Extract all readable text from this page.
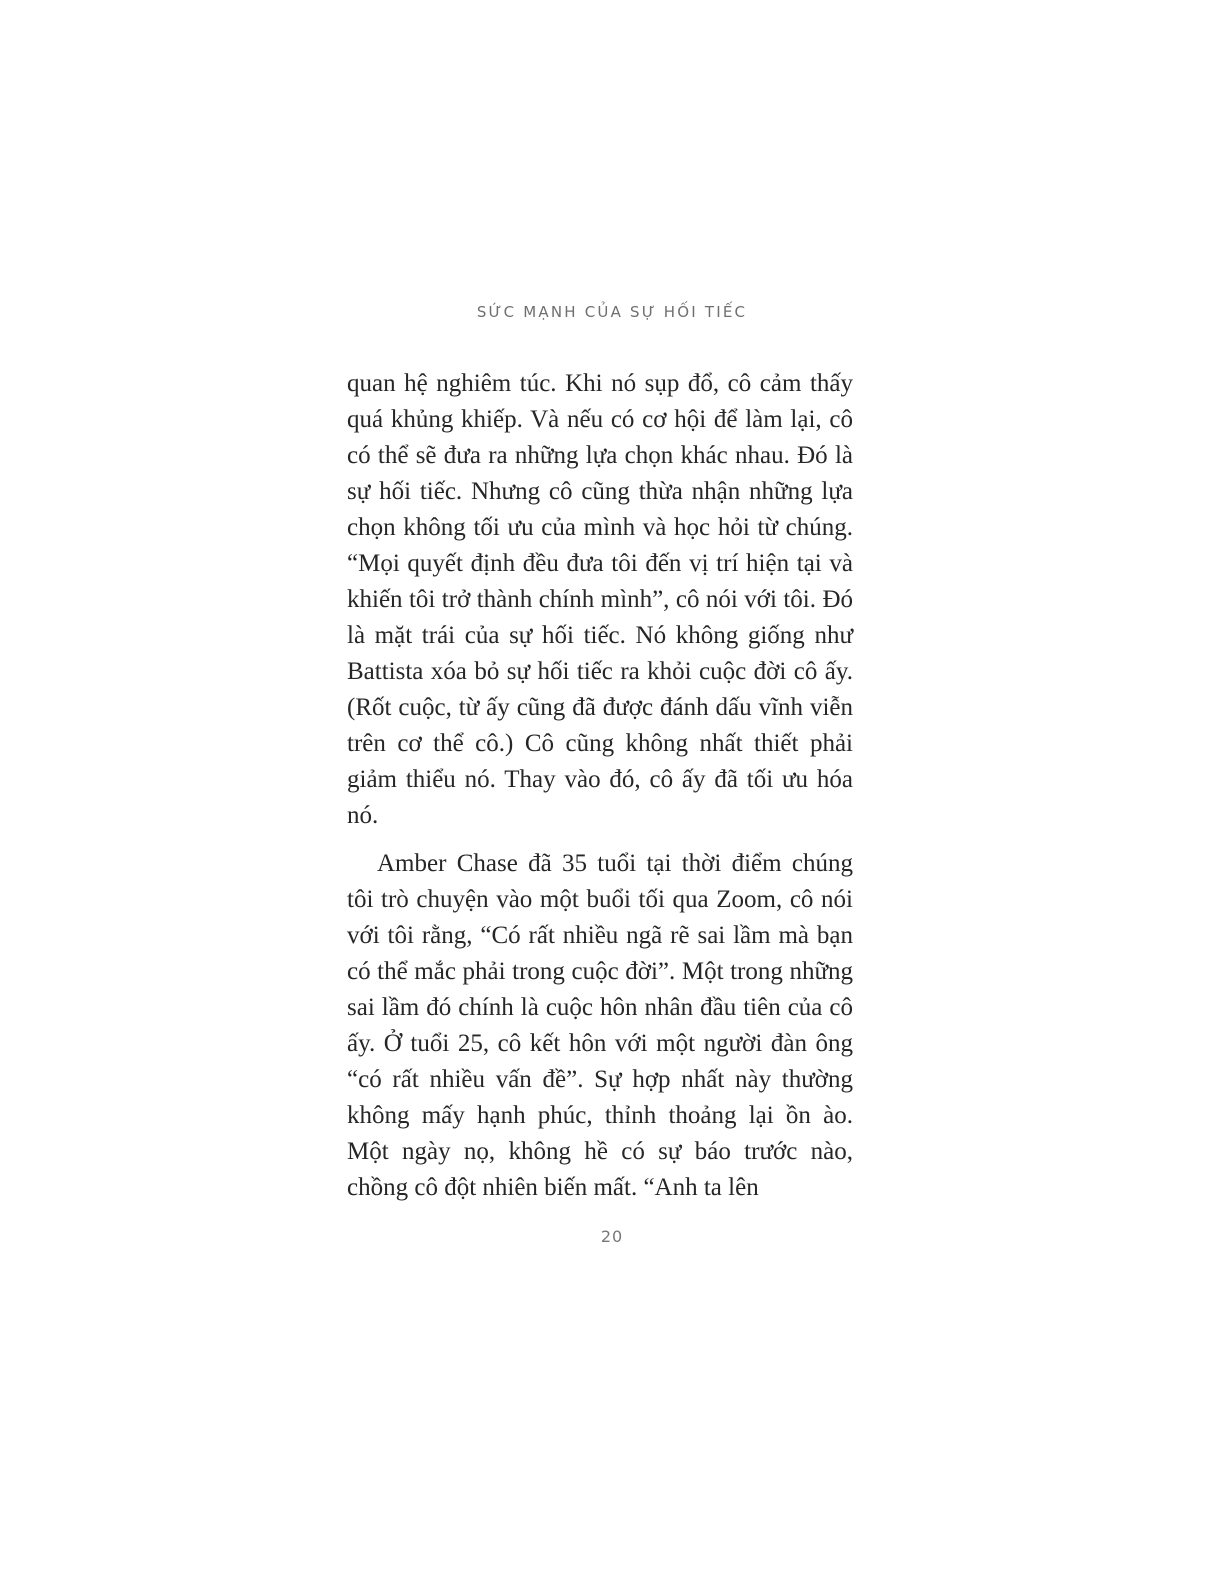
SỨC MẠNH CỦA SỰ HỐI TIẾC

quan hệ nghiêm túc. Khi nó sụp đổ, cô cảm thấy quá khủng khiếp. Và nếu có cơ hội để làm lại, cô có thể sẽ đưa ra những lựa chọn khác nhau. Đó là sự hối tiếc. Nhưng cô cũng thừa nhận những lựa chọn không tối ưu của mình và học hỏi từ chúng. “Mọi quyết định đều đưa tôi đến vị trí hiện tại và khiến tôi trở thành chính mình”, cô nói với tôi. Đó là mặt trái của sự hối tiếc. Nó không giống như Battista xóa bỏ sự hối tiếc ra khỏi cuộc đời cô ấy. (Rốt cuộc, từ ấy cũng đã được đánh dấu vĩnh viễn trên cơ thể cô.) Cô cũng không nhất thiết phải giảm thiểu nó. Thay vào đó, cô ấy đã tối ưu hóa nó.

Amber Chase đã 35 tuổi tại thời điểm chúng tôi trò chuyện vào một buổi tối qua Zoom, cô nói với tôi rằng, “Có rất nhiều ngã rẽ sai lầm mà bạn có thể mắc phải trong cuộc đời”. Một trong những sai lầm đó chính là cuộc hôn nhân đầu tiên của cô ấy. Ở tuổi 25, cô kết hôn với một người đàn ông “có rất nhiều vấn đề”. Sự hợp nhất này thường không mấy hạnh phúc, thỉnh thoảng lại ồn ào. Một ngày nọ, không hề có sự báo trước nào, chồng cô đột nhiên biến mất. “Anh ta lên

20
